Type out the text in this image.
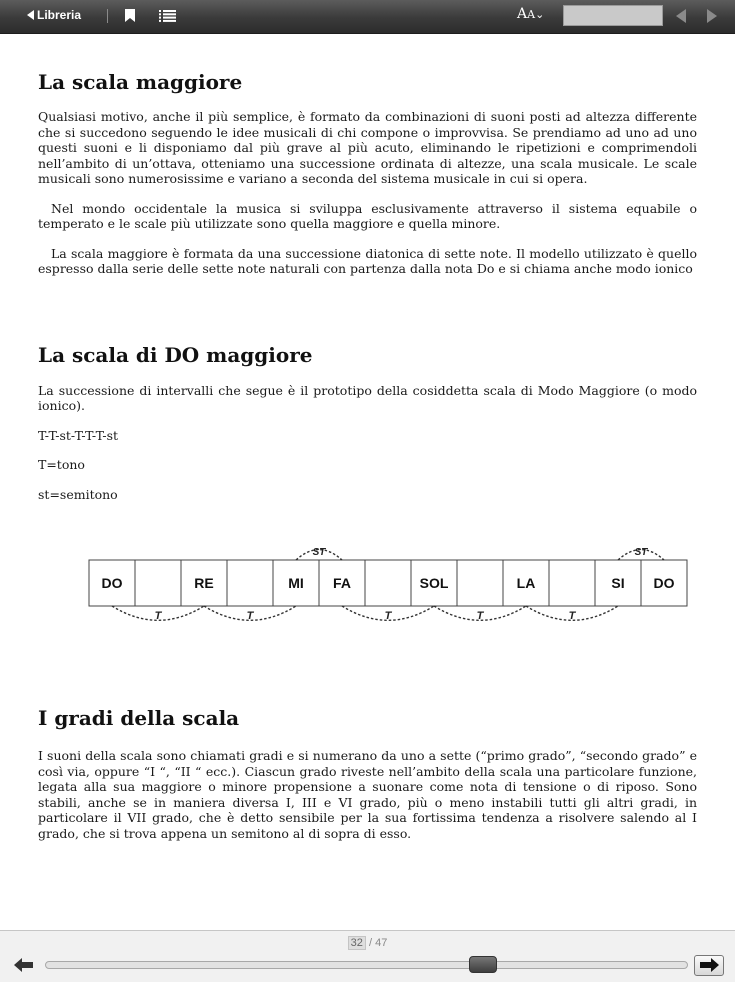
Libreria	AA⌄
La scala maggiore

Qualsiasi motivo, anche il più semplice, è formato da combinazioni di suoni posti ad altezza differente che si succedono seguendo le idee musicali di chi compone o improvvisa. Se prendiamo ad uno ad uno questi suoni e li disponiamo dal più grave al più acuto, eliminando le ripetizioni e comprimendoli nell’ambito di un’ottava, otteniamo una successione ordinata di altezze, una scala musicale. Le scale musicali sono numerosissime e variano a seconda del sistema musicale in cui si opera.

Nel mondo occidentale la musica si sviluppa esclusivamente attraverso il sistema equabile o temperato e le scale più utilizzate sono quella maggiore e quella minore.

La scala maggiore è formata da una successione diatonica di sette note. Il modello utilizzato è quello espresso dalla serie delle sette note naturali con partenza dalla nota Do e si chiama anche modo ionico

La scala di DO maggiore

La successione di intervalli che segue è il prototipo della cosiddetta scala di Modo Maggiore (o modo ionico).

T-T-st-T-T-T-st

T=tono

st=semitono

DO	RE	MI FA	SOL	LA	SI DO
T	T	T	T	T
ST	ST
I gradi della scala

I suoni della scala sono chiamati gradi e si numerano da uno a sette (“primo grado”, “secondo grado” e così via, oppure “I “, “II “ ecc.). Ciascun grado riveste nell’ambito della scala una particolare funzione, legata alla sua maggiore o minore propensione a suonare come nota di tensione o di riposo. Sono stabili, anche se in maniera diversa I, III e VI grado, più o meno instabili tutti gli altri gradi, in particolare il VII grado, che è detto sensibile per la sua fortissima tendenza a risolvere salendo al I grado, che si trova appena un semitono al di sopra di esso.

32 / 47
